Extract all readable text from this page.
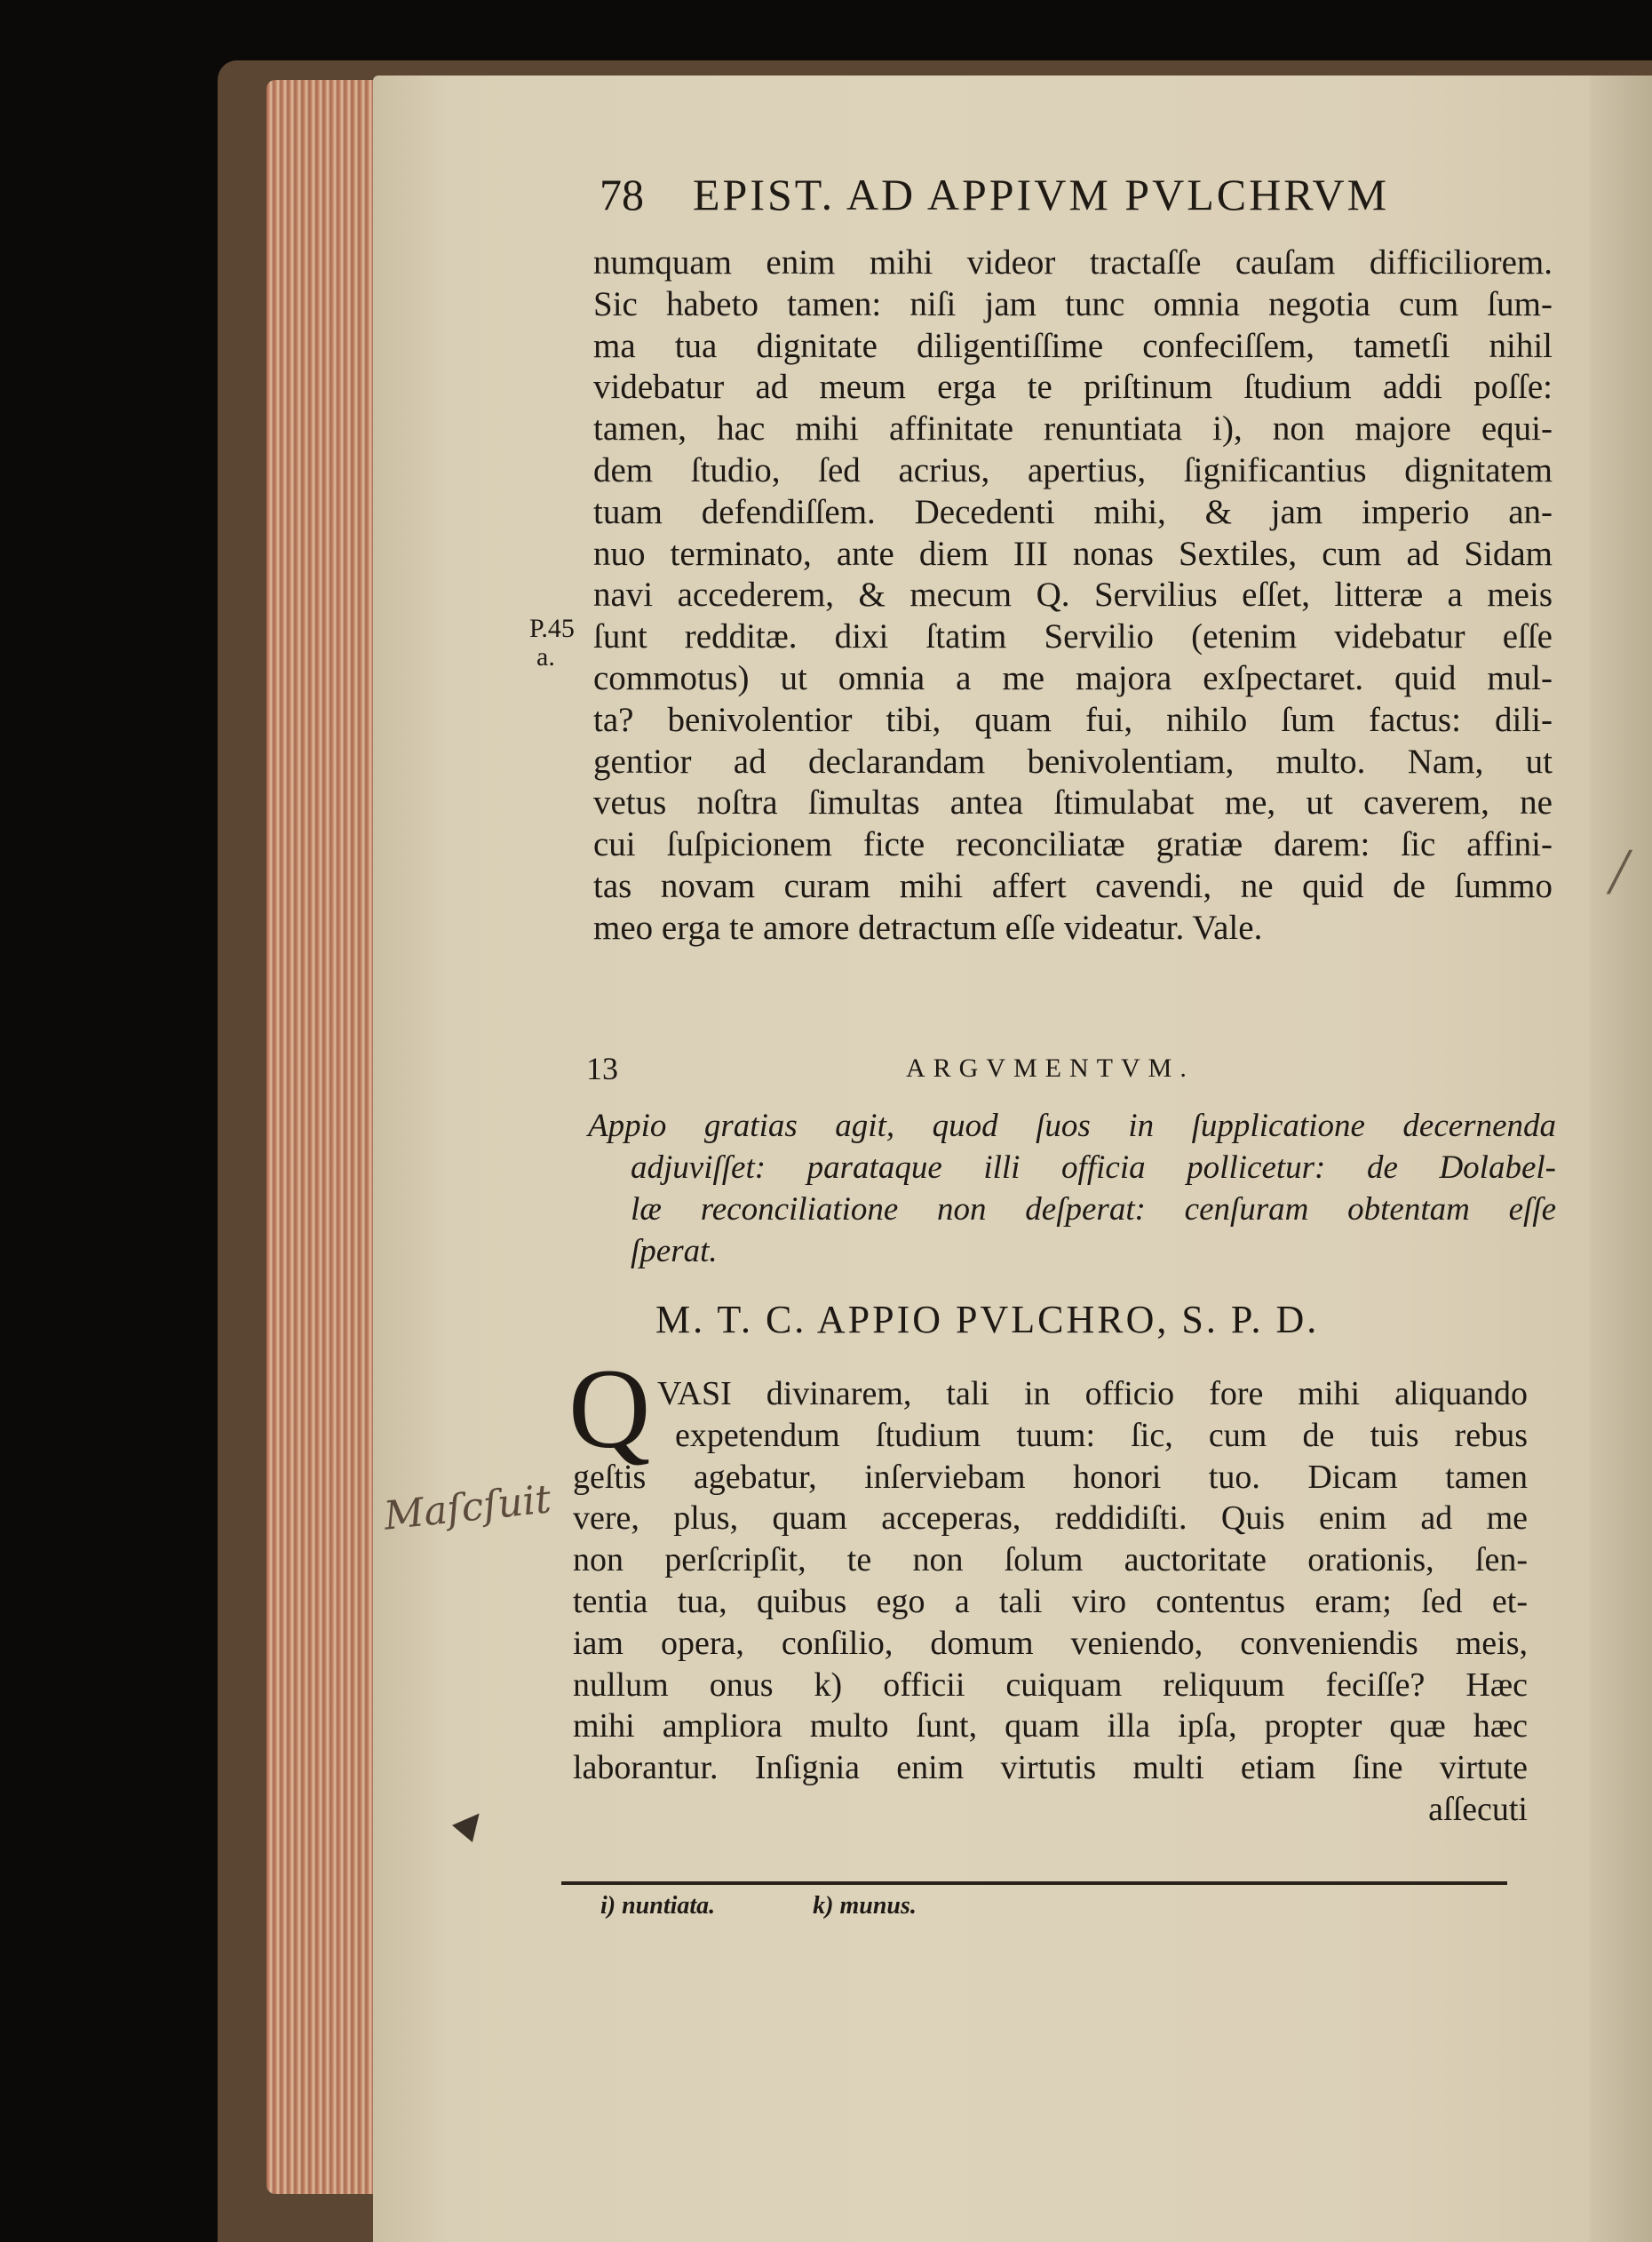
78 EPIST. AD APPIVM PVLCHRVM
P.45
a.
numquam enim mihi videor tractaſſe cauſam difficiliorem.
Sic habeto tamen: niſi jam tunc omnia negotia cum ſum-
ma tua dignitate diligentiſſime confeciſſem, tametſi nihil
videbatur ad meum erga te priſtinum ſtudium addi poſſe:
tamen, hac mihi affinitate renuntiata i), non majore equi-
dem ſtudio, ſed acrius, apertius, ſignificantius dignitatem
tuam defendiſſem. Decedenti mihi, & jam imperio an-
nuo terminato, ante diem III nonas Sextiles, cum ad Sidam
navi accederem, & mecum Q. Servilius eſſet, litteræ a meis
ſunt redditæ. dixi ſtatim Servilio (etenim videbatur eſſe
commotus) ut omnia a me majora exſpectaret. quid mul-
ta? benivolentior tibi, quam fui, nihilo ſum factus: dili-
gentior ad declarandam benivolentiam, multo. Nam, ut
vetus noſtra ſimultas antea ſtimulabat me, ut caverem, ne
cui ſuſpicionem ficte reconciliatæ gratiæ darem: ſic affini-
tas novam curam mihi affert cavendi, ne quid de ſummo
meo erga te amore detractum eſſe videatur. Vale.
13	ARGVMENTVM.
Appio gratias agit, quod ſuos in ſupplicatione decernenda
adjuviſſet: parataque illi officia pollicetur: de Dolabel-
læ reconciliatione non deſperat: cenſuram obtentam eſſe
ſperat.
M. T. C. APPIO PVLCHRO, S. P. D.
Q VASI divinarem, tali in officio fore mihi aliquando
expetendum ſtudium tuum: ſic, cum de tuis rebus
geſtis agebatur, inſerviebam honori tuo. Dicam tamen
vere, plus, quam acceperas, reddidiſti. Quis enim ad me
non perſcripſit, te non ſolum auctoritate orationis, ſen-
tentia tua, quibus ego a tali viro contentus eram; ſed et-
iam opera, conſilio, domum veniendo, conveniendis meis,
nullum onus k) officii cuiquam reliquum feciſſe? Hæc
mihi ampliora multo ſunt, quam illa ipſa, propter quæ hæc
laborantur. Inſignia enim virtutis multi etiam ſine virtute
aſſecuti
i) nuntiata.	k) munus.
Maſcſuit
/
